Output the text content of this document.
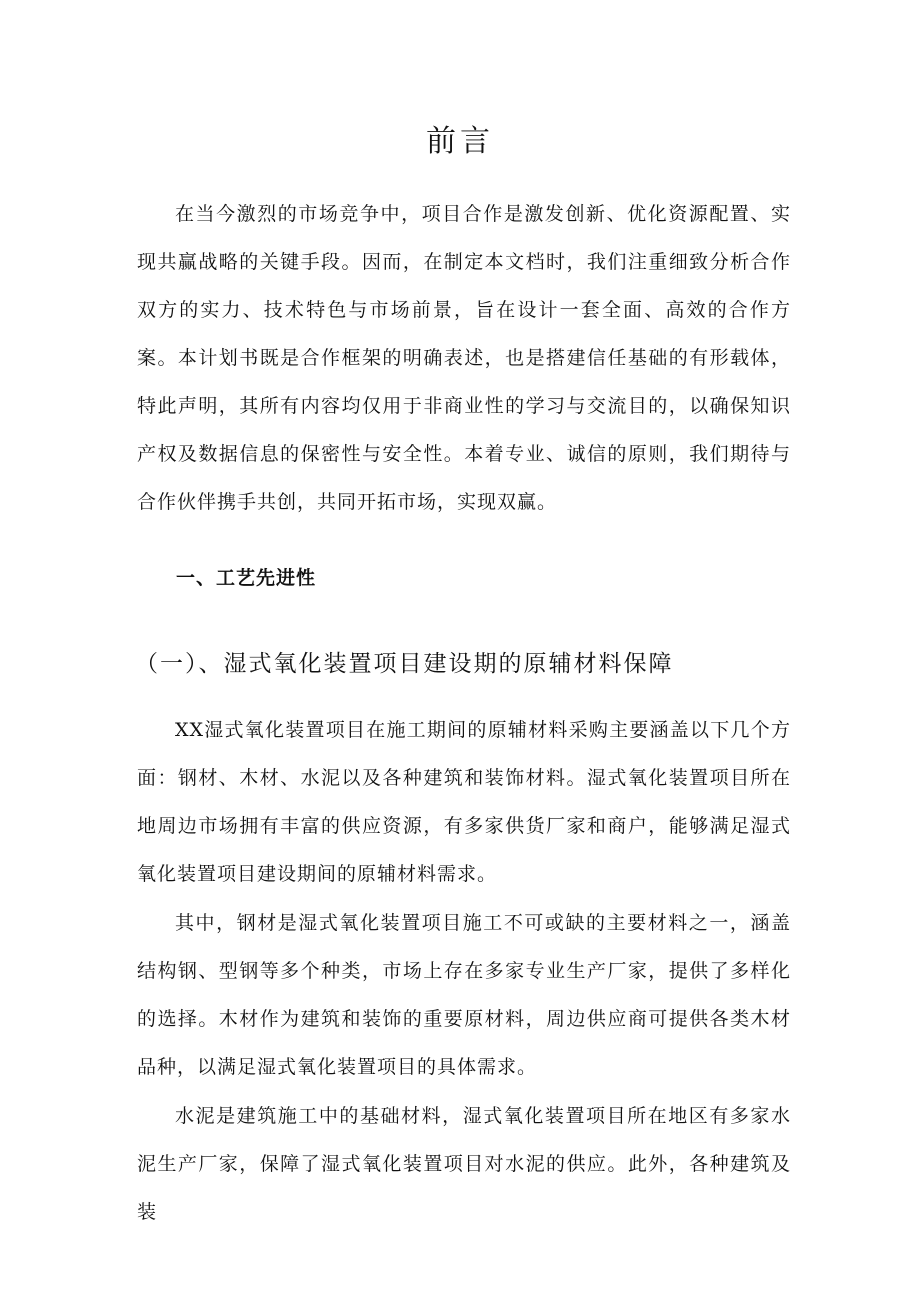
前言

在当今激烈的市场竞争中，项目合作是激发创新、优化资源配置、实现共赢战略的关键手段。因而，在制定本文档时，我们注重细致分析合作双方的实力、技术特色与市场前景，旨在设计一套全面、高效的合作方案。本计划书既是合作框架的明确表述，也是搭建信任基础的有形载体，特此声明，其所有内容均仅用于非商业性的学习与交流目的，以确保知识产权及数据信息的保密性与安全性。本着专业、诚信的原则，我们期待与合作伙伴携手共创，共同开拓市场，实现双赢。

一、工艺先进性
（一）、湿式氧化装置项目建设期的原辅材料保障

XX湿式氧化装置项目在施工期间的原辅材料采购主要涵盖以下几个方面：钢材、木材、水泥以及各种建筑和装饰材料。湿式氧化装置项目所在地周边市场拥有丰富的供应资源，有多家供货厂家和商户，能够满足湿式氧化装置项目建设期间的原辅材料需求。

其中，钢材是湿式氧化装置项目施工不可或缺的主要材料之一，涵盖结构钢、型钢等多个种类，市场上存在多家专业生产厂家，提供了多样化的选择。木材作为建筑和装饰的重要原材料，周边供应商可提供各类木材品种，以满足湿式氧化装置项目的具体需求。

水泥是建筑施工中的基础材料，湿式氧化装置项目所在地区有多家水泥生产厂家，保障了湿式氧化装置项目对水泥的供应。此外，各种建筑及装
